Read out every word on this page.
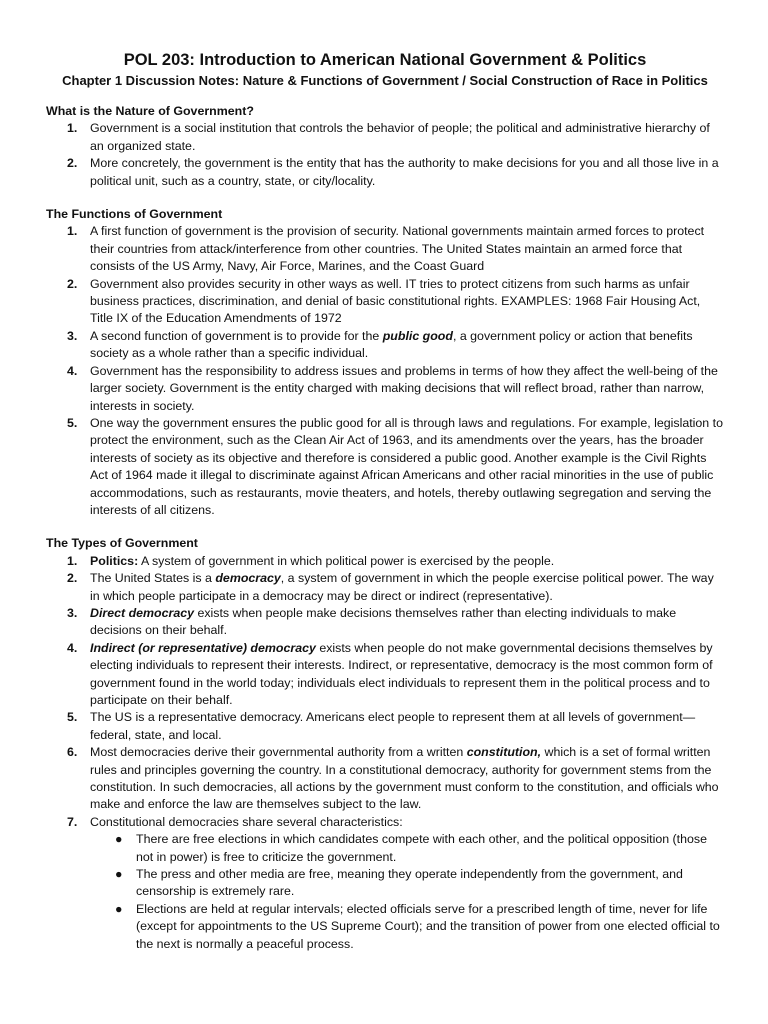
POL 203: Introduction to American National Government & Politics
Chapter 1 Discussion Notes: Nature & Functions of Government / Social Construction of Race in Politics

What is the Nature of Government?

1. Government is a social institution that controls the behavior of people; the political and administrative hierarchy of an organized state.
2. More concretely, the government is the entity that has the authority to make decisions for you and all those live in a political unit, such as a country, state, or city/locality.

The Functions of Government

1. A first function of government is the provision of security. National governments maintain armed forces to protect their countries from attack/interference from other countries. The United States maintain an armed force that consists of the US Army, Navy, Air Force, Marines, and the Coast Guard
2. Government also provides security in other ways as well. IT tries to protect citizens from such harms as unfair business practices, discrimination, and denial of basic constitutional rights. EXAMPLES: 1968 Fair Housing Act, Title IX of the Education Amendments of 1972
3. A second function of government is to provide for the public good, a government policy or action that benefits society as a whole rather than a specific individual.
4. Government has the responsibility to address issues and problems in terms of how they affect the well-being of the larger society. Government is the entity charged with making decisions that will reflect broad, rather than narrow, interests in society.
5. One way the government ensures the public good for all is through laws and regulations. For example, legislation to protect the environment, such as the Clean Air Act of 1963, and its amendments over the years, has the broader interests of society as its objective and therefore is considered a public good. Another example is the Civil Rights Act of 1964 made it illegal to discriminate against African Americans and other racial minorities in the use of public accommodations, such as restaurants, movie theaters, and hotels, thereby outlawing segregation and serving the interests of all citizens.

The Types of Government

1. Politics: A system of government in which political power is exercised by the people.
2. The United States is a democracy, a system of government in which the people exercise political power. The way in which people participate in a democracy may be direct or indirect (representative).
3. Direct democracy exists when people make decisions themselves rather than electing individuals to make decisions on their behalf.
4. Indirect (or representative) democracy exists when people do not make governmental decisions themselves by electing individuals to represent their interests. Indirect, or representative, democracy is the most common form of government found in the world today; individuals elect individuals to represent them in the political process and to participate on their behalf.
5. The US is a representative democracy. Americans elect people to represent them at all levels of government—federal, state, and local.
6. Most democracies derive their governmental authority from a written constitution, which is a set of formal written rules and principles governing the country. In a constitutional democracy, authority for government stems from the constitution. In such democracies, all actions by the government must conform to the constitution, and officials who make and enforce the law are themselves subject to the law.
7. Constitutional democracies share several characteristics:
● There are free elections in which candidates compete with each other, and the political opposition (those not in power) is free to criticize the government.
● The press and other media are free, meaning they operate independently from the government, and censorship is extremely rare.
● Elections are held at regular intervals; elected officials serve for a prescribed length of time, never for life (except for appointments to the US Supreme Court); and the transition of power from one elected official to the next is normally a peaceful process.
